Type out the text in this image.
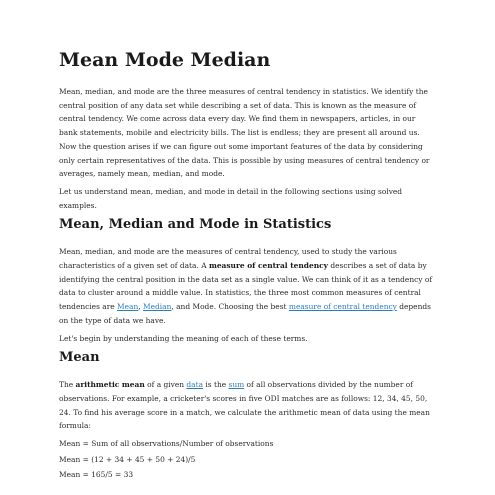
Mean Mode Median

Mean, median, and mode are the three measures of central tendency in statistics. We identify the central position of any data set while describing a set of data. This is known as the measure of central tendency. We come across data every day. We find them in newspapers, articles, in our bank statements, mobile and electricity bills. The list is endless; they are present all around us. Now the question arises if we can figure out some important features of the data by considering only certain representatives of the data. This is possible by using measures of central tendency or averages, namely mean, median, and mode.

Let us understand mean, median, and mode in detail in the following sections using solved examples.

Mean, Median and Mode in Statistics

Mean, median, and mode are the measures of central tendency, used to study the various characteristics of a given set of data. A measure of central tendency describes a set of data by identifying the central position in the data set as a single value. We can think of it as a tendency of data to cluster around a middle value. In statistics, the three most common measures of central tendencies are Mean, Median, and Mode. Choosing the best measure of central tendency depends on the type of data we have.

Let's begin by understanding the meaning of each of these terms.

Mean

The arithmetic mean of a given data is the sum of all observations divided by the number of observations. For example, a cricketer's scores in five ODI matches are as follows: 12, 34, 45, 50, 24. To find his average score in a match, we calculate the arithmetic mean of data using the mean formula:

Mean = Sum of all observations/Number of observations

Mean = (12 + 34 + 45 + 50 + 24)/5

Mean = 165/5 = 33
